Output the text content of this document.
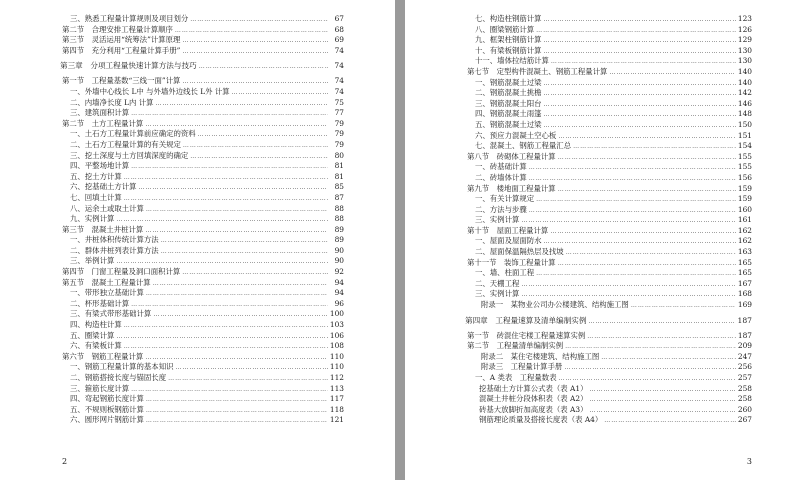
三、熟悉工程量计算规则及项目划分 ………………………………………………………………………………………………………………………………………………………………………………	67
第二节　合理安排工程量计算顺序 ………………………………………………………………………………………………………………………………………………………………………………	68
第三节　灵活运用“统筹法”计算原理 ………………………………………………………………………………………………………………………………………………………………………………	69
第四节　充分利用“工程量计算手册” ………………………………………………………………………………………………………………………………………………………………………………	74
第三章　分项工程量快速计算方法与技巧 ………………………………………………………………………………………………………………………………………………………………………………	74
第一节　工程量基数“三线一面”计算 ………………………………………………………………………………………………………………………………………………………………………………	74
一、外墙中心线长 L中 与外墙外边线长 L外 计算 ………………………………………………………………………………………………………………………………………………………………………………	74
二、内墙净长度 L内 计算 ………………………………………………………………………………………………………………………………………………………………………………	75
三、建筑面积计算 ………………………………………………………………………………………………………………………………………………………………………………	77
第二节　土方工程量计算 ………………………………………………………………………………………………………………………………………………………………………………	79
一、土石方工程量计算前应确定的资料 ………………………………………………………………………………………………………………………………………………………………………………	79
二、土石方工程量计算的有关规定 ………………………………………………………………………………………………………………………………………………………………………………	79
三、挖土深度与土方回填深度的确定 ………………………………………………………………………………………………………………………………………………………………………………	80
四、平整场地计算 ………………………………………………………………………………………………………………………………………………………………………………	81
五、挖土方计算 ………………………………………………………………………………………………………………………………………………………………………………	81
六、挖基础土方计算 ………………………………………………………………………………………………………………………………………………………………………………	85
七、回填土计算 ………………………………………………………………………………………………………………………………………………………………………………	87
八、运余土或取土计算 ………………………………………………………………………………………………………………………………………………………………………………	88
九、实例计算 ………………………………………………………………………………………………………………………………………………………………………………	88
第三节　混凝土井桩计算 ………………………………………………………………………………………………………………………………………………………………………………	89
一、井桩体积传统计算方法 ………………………………………………………………………………………………………………………………………………………………………………	89
二、群体井桩列表计算方法 ………………………………………………………………………………………………………………………………………………………………………………	90
三、举例计算 ………………………………………………………………………………………………………………………………………………………………………………	90
第四节　门窗工程量及洞口面积计算 ………………………………………………………………………………………………………………………………………………………………………………	92
第五节　混凝土工程量计算 ………………………………………………………………………………………………………………………………………………………………………………	94
一、带形独立基础计算 ………………………………………………………………………………………………………………………………………………………………………………	94
二、杯形基础计算 ………………………………………………………………………………………………………………………………………………………………………………	96
三、有梁式带形基础计算 ………………………………………………………………………………………………………………………………………………………………………………	100
四、构造柱计算 ………………………………………………………………………………………………………………………………………………………………………………	103
五、圈梁计算 ………………………………………………………………………………………………………………………………………………………………………………	106
六、有梁板计算 ………………………………………………………………………………………………………………………………………………………………………………	108
第六节　钢筋工程量计算 ………………………………………………………………………………………………………………………………………………………………………………	110
一、钢筋工程量计算的基本知识 ………………………………………………………………………………………………………………………………………………………………………………	110
二、钢筋搭接长度与锚固长度 ………………………………………………………………………………………………………………………………………………………………………………	112
三、箍筋长度计算 ………………………………………………………………………………………………………………………………………………………………………………	113
四、弯起钢筋长度计算 ………………………………………………………………………………………………………………………………………………………………………………	117
五、不规则板钢筋计算 ………………………………………………………………………………………………………………………………………………………………………………	118
六、圆形网片钢筋计算 ………………………………………………………………………………………………………………………………………………………………………………	121
2
七、构造柱钢筋计算 ………………………………………………………………………………………………………………………………………………………………………………	123
八、圈梁钢筋计算 ………………………………………………………………………………………………………………………………………………………………………………	126
九、框架柱钢筋计算 ………………………………………………………………………………………………………………………………………………………………………………	129
十、有梁板钢筋计算 ………………………………………………………………………………………………………………………………………………………………………………	130
十一、墙体拉结筋计算 ………………………………………………………………………………………………………………………………………………………………………………	130
第七节　定型构件混凝土、钢筋工程量计算 ………………………………………………………………………………………………………………………………………………………………………………	140
一、钢筋混凝土过梁 ………………………………………………………………………………………………………………………………………………………………………………	140
二、钢筋混凝土挑檐 ………………………………………………………………………………………………………………………………………………………………………………	142
三、钢筋混凝土阳台 ………………………………………………………………………………………………………………………………………………………………………………	146
四、钢筋混凝土雨篷 ………………………………………………………………………………………………………………………………………………………………………………	148
五、钢筋混凝土过梁 ………………………………………………………………………………………………………………………………………………………………………………	150
六、预应力混凝土空心板 ………………………………………………………………………………………………………………………………………………………………………………	151
七、混凝土、钢筋工程量汇总 ………………………………………………………………………………………………………………………………………………………………………………	154
第八节　砖砌体工程量计算 ………………………………………………………………………………………………………………………………………………………………………………	155
一、砖基础计算 ………………………………………………………………………………………………………………………………………………………………………………	155
二、砖墙体计算 ………………………………………………………………………………………………………………………………………………………………………………	156
第九节　楼地面工程量计算 ………………………………………………………………………………………………………………………………………………………………………………	159
一、有关计算规定 ………………………………………………………………………………………………………………………………………………………………………………	159
二、方法与步骤 ………………………………………………………………………………………………………………………………………………………………………………	160
三、实例计算 ………………………………………………………………………………………………………………………………………………………………………………	161
第十节　屋面工程量计算 ………………………………………………………………………………………………………………………………………………………………………………	162
一、屋面及屋面防水 ………………………………………………………………………………………………………………………………………………………………………………	162
二、屋面保温隔热层及找坡 ………………………………………………………………………………………………………………………………………………………………………………	163
第十一节　装饰工程量计算 ………………………………………………………………………………………………………………………………………………………………………………	165
一、墙、柱面工程 ………………………………………………………………………………………………………………………………………………………………………………	165
二、天棚工程 ………………………………………………………………………………………………………………………………………………………………………………	167
三、实例计算 ………………………………………………………………………………………………………………………………………………………………………………	168
附录一　某物业公司办公楼建筑、结构施工图 ………………………………………………………………………………………………………………………………………………………………………………	169
第四章　工程量速算及清单编制实例 ………………………………………………………………………………………………………………………………………………………………………………	187
第一节　砖混住宅楼工程量速算实例 ………………………………………………………………………………………………………………………………………………………………………………	187
第二节　工程量清单编制实例 ………………………………………………………………………………………………………………………………………………………………………………	209
附录二　某住宅楼建筑、结构施工图 ………………………………………………………………………………………………………………………………………………………………………………	247
附录三　工程量计算手册 ………………………………………………………………………………………………………………………………………………………………………………	256
一、A 类表　工程量数表 ………………………………………………………………………………………………………………………………………………………………………………	257
挖基础土方计算公式表（表 A1） ………………………………………………………………………………………………………………………………………………………………………………	258
混凝土井桩分段体积表（表 A2） ………………………………………………………………………………………………………………………………………………………………………………	258
砖基大放脚折加高度表（表 A3） ………………………………………………………………………………………………………………………………………………………………………………	260
钢筋理论质量及搭接长度表（表 A4） ………………………………………………………………………………………………………………………………………………………………………………	267
3
